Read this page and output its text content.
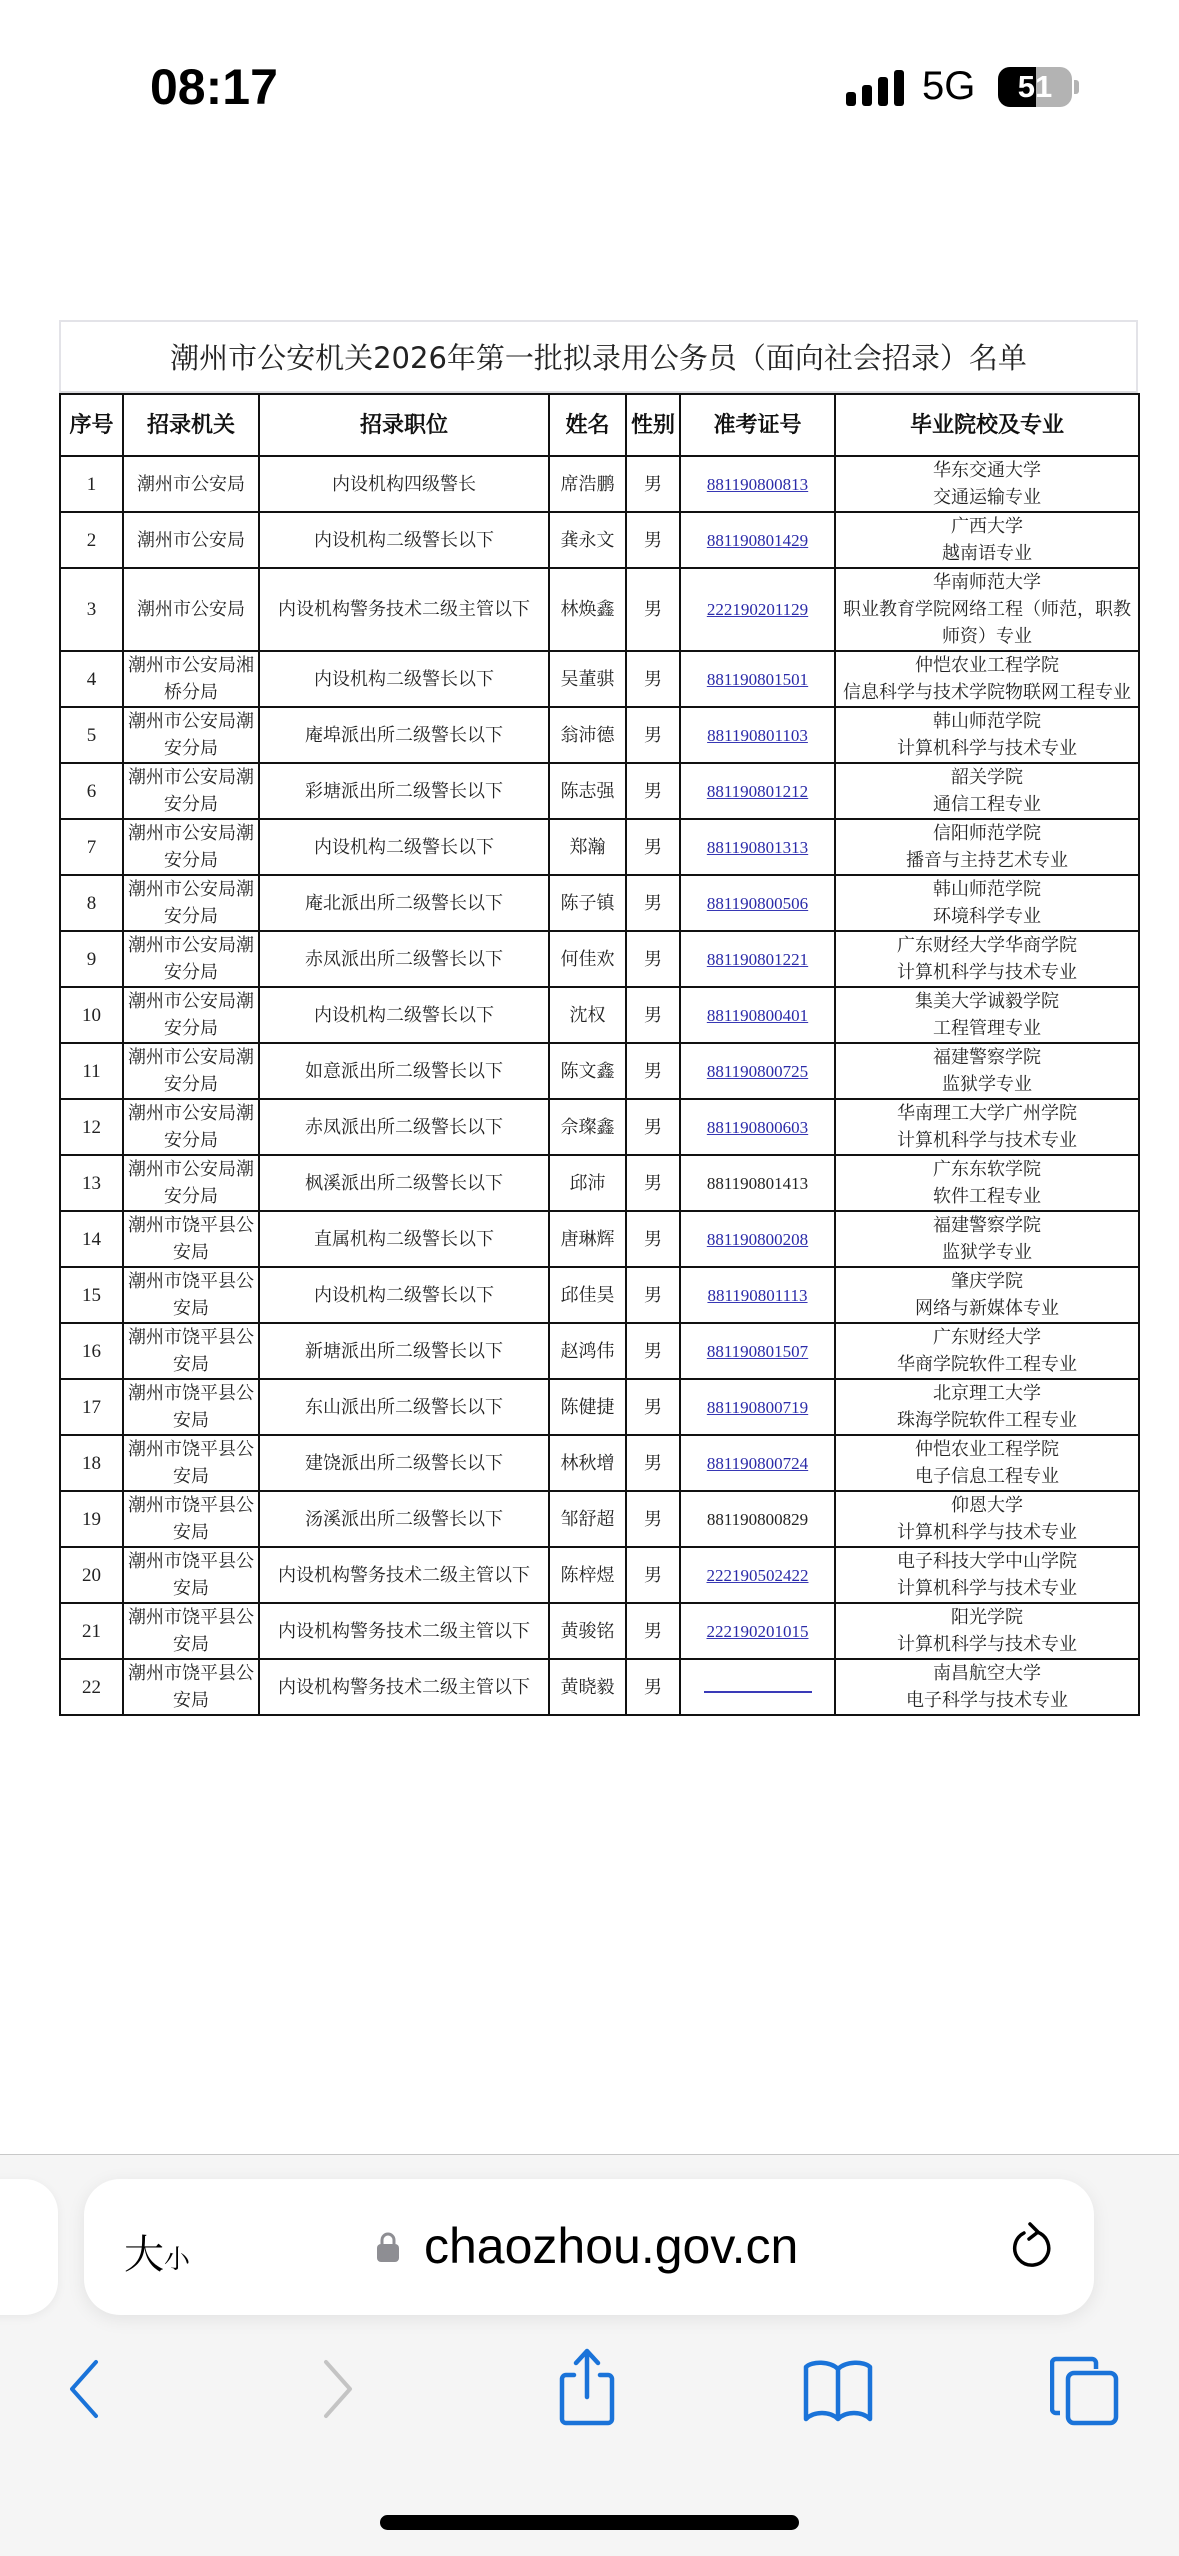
08:17	5G	51
潮州市公安机关2026年第一批拟录用公务员（面向社会招录）名单
序号	招录机关	招录职位	姓名	性别	准考证号	毕业院校及专业
1	潮州市公安局	内设机构四级警长	席浩鹏	男	881190800813	华东交通大学
交通运输专业

2	潮州市公安局	内设机构二级警长以下	龚永文	男	881190801429	广西大学
越南语专业

3	潮州市公安局	内设机构警务技术二级主管以下	林焕鑫	男	222190201129	华南师范大学
职业教育学院网络工程（师范，职教师资）专业

4	潮州市公安局湘桥分局	内设机构二级警长以下	吴董骐	男	881190801501	仲恺农业工程学院
信息科学与技术学院物联网工程专业

5	潮州市公安局潮安分局	庵埠派出所二级警长以下	翁沛德	男	881190801103	韩山师范学院
计算机科学与技术专业

6	潮州市公安局潮安分局	彩塘派出所二级警长以下	陈志强	男	881190801212	韶关学院
通信工程专业

7	潮州市公安局潮安分局	内设机构二级警长以下	郑瀚	男	881190801313	信阳师范学院
播音与主持艺术专业

8	潮州市公安局潮安分局	庵北派出所二级警长以下	陈子镇	男	881190800506	韩山师范学院
环境科学专业

9	潮州市公安局潮安分局	赤凤派出所二级警长以下	何佳欢	男	881190801221	广东财经大学华商学院
计算机科学与技术专业

10	潮州市公安局潮安分局	内设机构二级警长以下	沈权	男	881190800401	集美大学诚毅学院
工程管理专业

11	潮州市公安局潮安分局	如意派出所二级警长以下	陈文鑫	男	881190800725	福建警察学院
监狱学专业

12	潮州市公安局潮安分局	赤凤派出所二级警长以下	佘璨鑫	男	881190800603	华南理工大学广州学院
计算机科学与技术专业

13	潮州市公安局潮安分局	枫溪派出所二级警长以下	邱沛	男	881190801413	广东东软学院
软件工程专业

14	潮州市饶平县公安局	直属机构二级警长以下	唐琳辉	男	881190800208	福建警察学院
监狱学专业

15	潮州市饶平县公安局	内设机构二级警长以下	邱佳昊	男	881190801113	肇庆学院
网络与新媒体专业

16	潮州市饶平县公安局	新塘派出所二级警长以下	赵鸿伟	男	881190801507	广东财经大学
华商学院软件工程专业

17	潮州市饶平县公安局	东山派出所二级警长以下	陈健捷	男	881190800719	北京理工大学
珠海学院软件工程专业

18	潮州市饶平县公安局	建饶派出所二级警长以下	林秋增	男	881190800724	仲恺农业工程学院
电子信息工程专业

19	潮州市饶平县公安局	汤溪派出所二级警长以下	邹舒超	男	881190800829	仰恩大学
计算机科学与技术专业

20	潮州市饶平县公安局	内设机构警务技术二级主管以下	陈梓煜	男	222190502422	电子科技大学中山学院
计算机科学与技术专业

21	潮州市饶平县公安局	内设机构警务技术二级主管以下	黄骏铭	男	222190201015	阳光学院
计算机科学与技术专业

22	潮州市饶平县公安局	内设机构警务技术二级主管以下	黄晓毅	男		南昌航空大学
电子科学与技术专业
大小	chaozhou.gov.cn
